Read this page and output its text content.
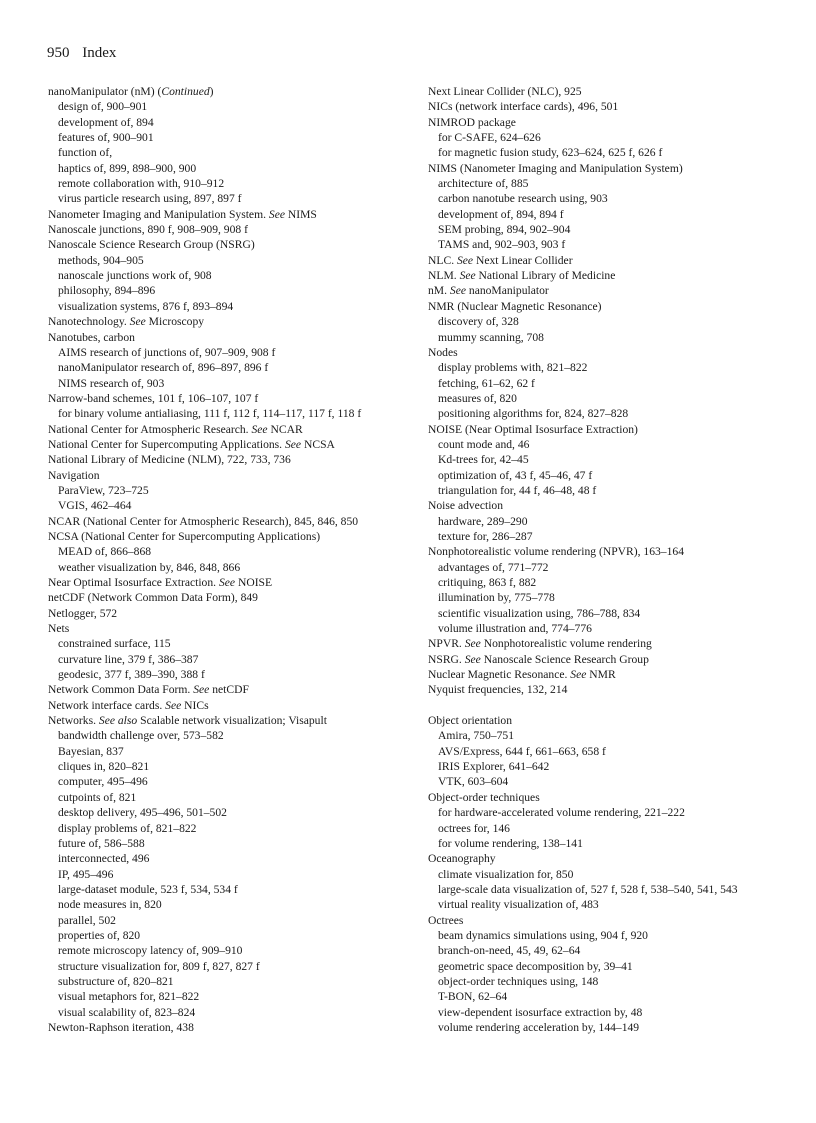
950 Index
nanoManipulator (nM) (Continued)
design of, 900–901
development of, 894
features of, 900–901
function of,
haptics of, 899, 898–900, 900
remote collaboration with, 910–912
virus particle research using, 897, 897 f
Nanometer Imaging and Manipulation System. See NIMS
Nanoscale junctions, 890 f, 908–909, 908 f
Nanoscale Science Research Group (NSRG)
methods, 904–905
nanoscale junctions work of, 908
philosophy, 894–896
visualization systems, 876 f, 893–894
Nanotechnology. See Microscopy
Nanotubes, carbon
AIMS research of junctions of, 907–909, 908 f
nanoManipulator research of, 896–897, 896 f
NIMS research of, 903
Narrow-band schemes, 101 f, 106–107, 107 f
for binary volume antialiasing, 111 f, 112 f, 114–117, 117 f, 118 f
National Center for Atmospheric Research. See NCAR
National Center for Supercomputing Applications. See NCSA
National Library of Medicine (NLM), 722, 733, 736
Navigation
ParaView, 723–725
VGIS, 462–464
NCAR (National Center for Atmospheric Research), 845, 846, 850
NCSA (National Center for Supercomputing Applications)
MEAD of, 866–868
weather visualization by, 846, 848, 866
Near Optimal Isosurface Extraction. See NOISE
netCDF (Network Common Data Form), 849
Netlogger, 572
Nets
constrained surface, 115
curvature line, 379 f, 386–387
geodesic, 377 f, 389–390, 388 f
Network Common Data Form. See netCDF
Network interface cards. See NICs
Networks. See also Scalable network visualization; Visapult
bandwidth challenge over, 573–582
Bayesian, 837
cliques in, 820–821
computer, 495–496
cutpoints of, 821
desktop delivery, 495–496, 501–502
display problems of, 821–822
future of, 586–588
interconnected, 496
IP, 495–496
large-dataset module, 523 f, 534, 534 f
node measures in, 820
parallel, 502
properties of, 820
remote microscopy latency of, 909–910
structure visualization for, 809 f, 827, 827 f
substructure of, 820–821
visual metaphors for, 821–822
visual scalability of, 823–824
Newton-Raphson iteration, 438
Next Linear Collider (NLC), 925
NICs (network interface cards), 496, 501
NIMROD package
for C-SAFE, 624–626
for magnetic fusion study, 623–624, 625 f, 626 f
NIMS (Nanometer Imaging and Manipulation System)
architecture of, 885
carbon nanotube research using, 903
development of, 894, 894 f
SEM probing, 894, 902–904
TAMS and, 902–903, 903 f
NLC. See Next Linear Collider
NLM. See National Library of Medicine
nM. See nanoManipulator
NMR (Nuclear Magnetic Resonance)
discovery of, 328
mummy scanning, 708
Nodes
display problems with, 821–822
fetching, 61–62, 62 f
measures of, 820
positioning algorithms for, 824, 827–828
NOISE (Near Optimal Isosurface Extraction)
count mode and, 46
Kd-trees for, 42–45
optimization of, 43 f, 45–46, 47 f
triangulation for, 44 f, 46–48, 48 f
Noise advection
hardware, 289–290
texture for, 286–287
Nonphotorealistic volume rendering (NPVR), 163–164
advantages of, 771–772
critiquing, 863 f, 882
illumination by, 775–778
scientific visualization using, 786–788, 834
volume illustration and, 774–776
NPVR. See Nonphotorealistic volume rendering
NSRG. See Nanoscale Science Research Group
Nuclear Magnetic Resonance. See NMR
Nyquist frequencies, 132, 214
Object orientation
Amira, 750–751
AVS/Express, 644 f, 661–663, 658 f
IRIS Explorer, 641–642
VTK, 603–604
Object-order techniques
for hardware-accelerated volume rendering, 221–222
octrees for, 146
for volume rendering, 138–141
Oceanography
climate visualization for, 850
large-scale data visualization of, 527 f, 528 f, 538–540, 541, 543
virtual reality visualization of, 483
Octrees
beam dynamics simulations using, 904 f, 920
branch-on-need, 45, 49, 62–64
geometric space decomposition by, 39–41
object-order techniques using, 148
T-BON, 62–64
view-dependent isosurface extraction by, 48
volume rendering acceleration by, 144–149
